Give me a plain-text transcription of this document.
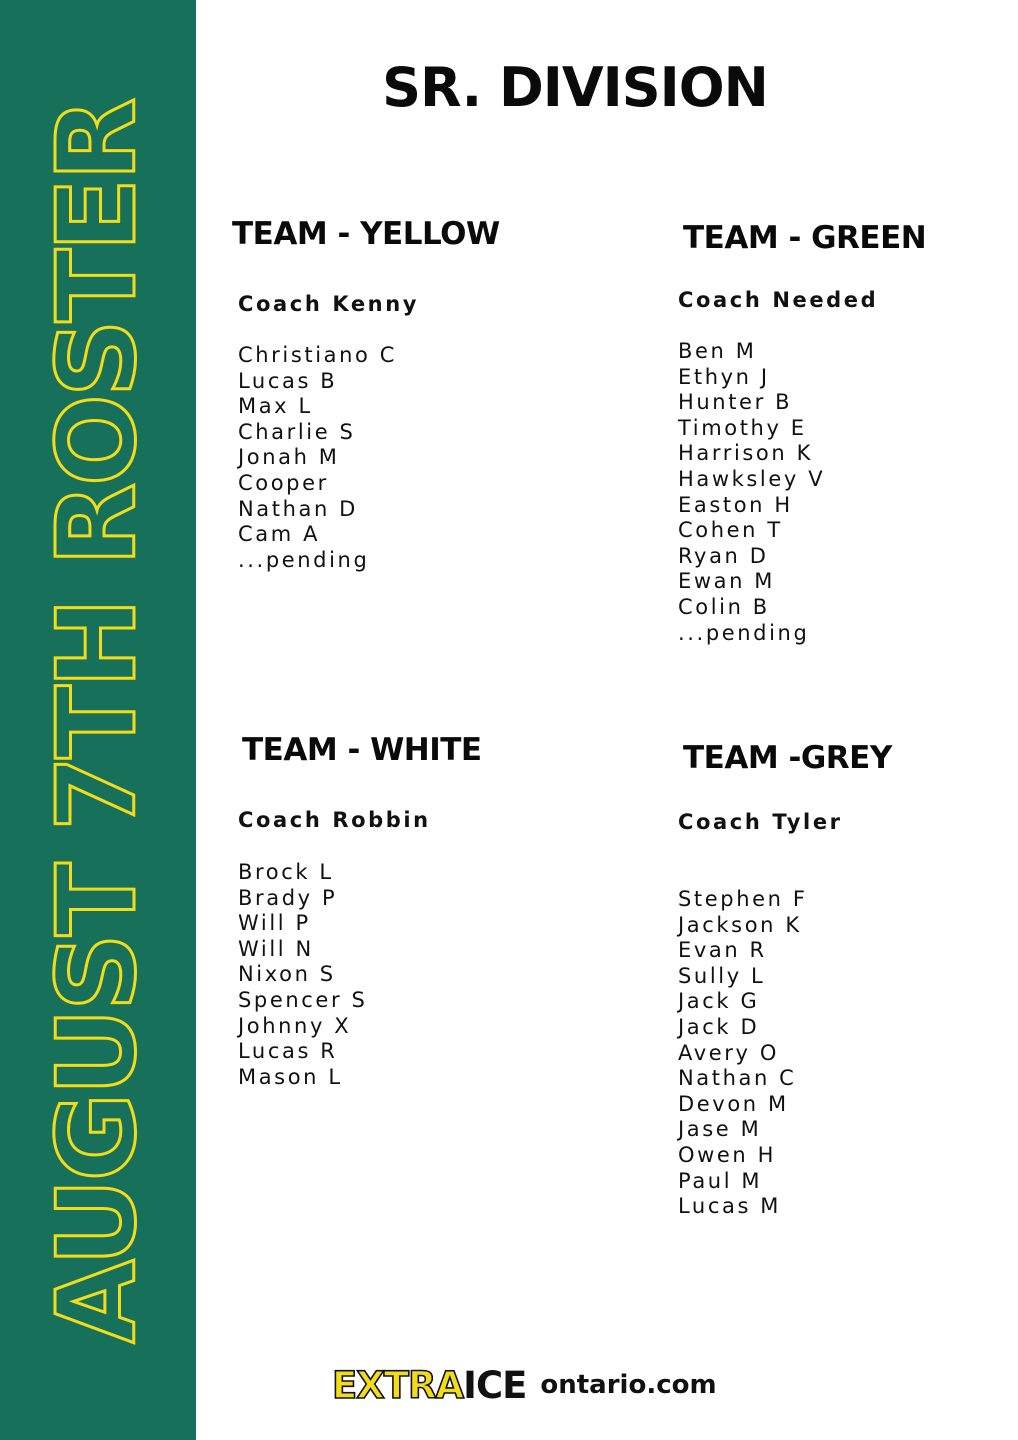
AUGUST 7TH ROSTER
SR. DIVISION
TEAM - YELLOW
Coach Kenny
Christiano C
Lucas B
Max L
Charlie S
Jonah M
Cooper
Nathan D
Cam A
...pending
TEAM - GREEN
Coach Needed
Ben M
Ethyn J
Hunter B
Timothy E
Harrison K
Hawksley V
Easton H
Cohen T
Ryan D
Ewan M
Colin B
...pending
TEAM - WHITE
Coach Robbin
Brock L
Brady P
Will P
Will N
Nixon S
Spencer S
Johnny X
Lucas R
Mason L
TEAM -GREY
Coach Tyler
Stephen F
Jackson K
Evan R
Sully L
Jack G
Jack D
Avery O
Nathan C
Devon M
Jase M
Owen H
Paul M
Lucas M
EXTRA ICE ontario.com
